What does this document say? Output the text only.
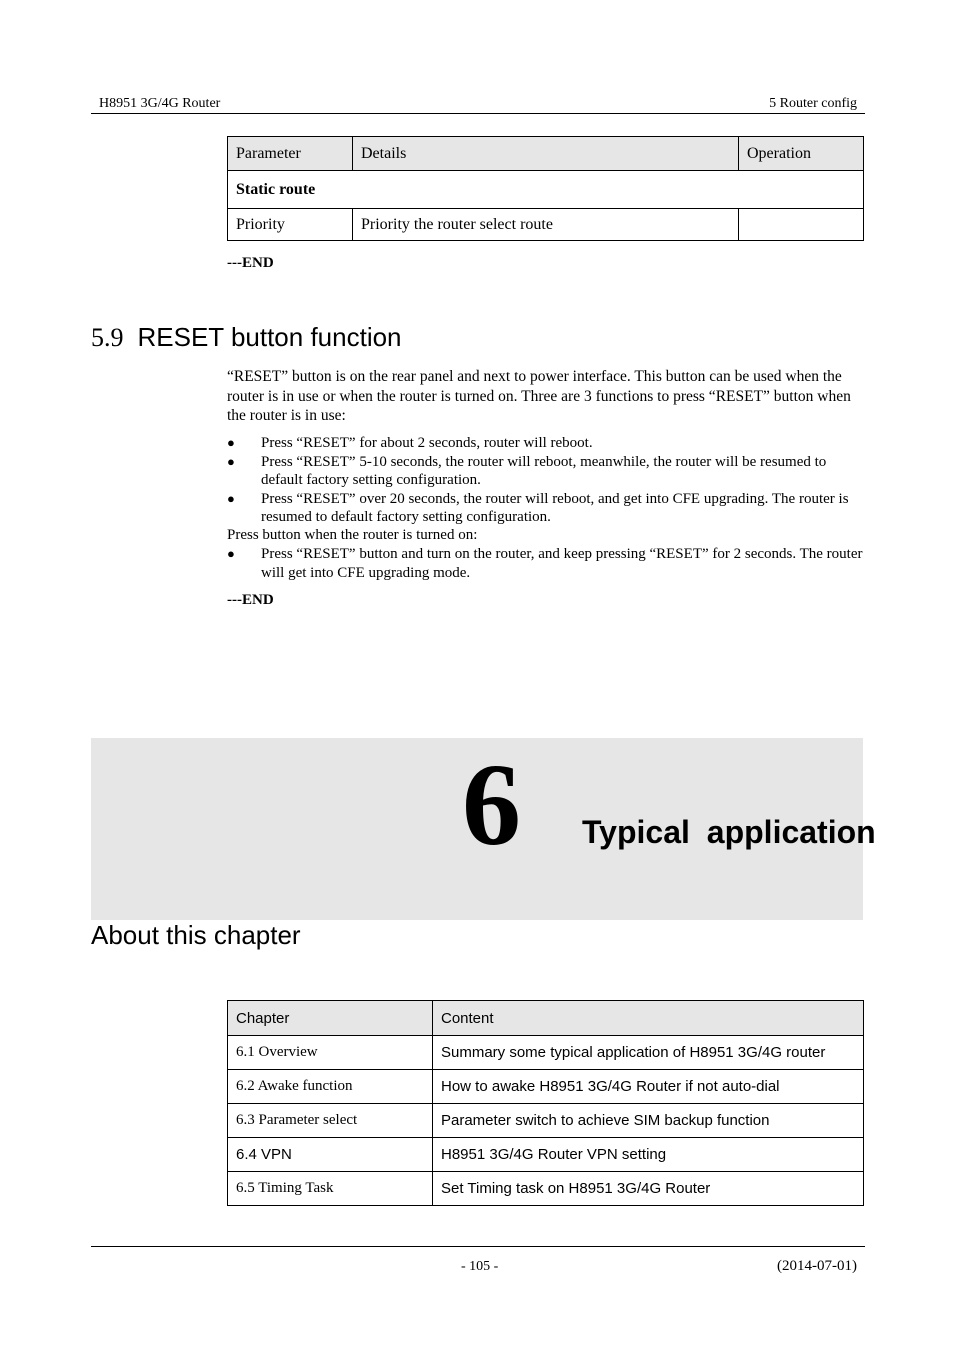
H8951 3G/4G Router	5 Router config
Parameter	Details	Operation
Static route		
Priority	Priority the router select route	
---END
5.9 RESET button function
“RESET” button is on the rear panel and next to power interface. This button can be used when the router is in use or when the router is turned on. Three are 3 functions to press “RESET” button when the router is in use:
● Press “RESET” for about 2 seconds, router will reboot.
● Press “RESET” 5-10 seconds, the router will reboot, meanwhile, the router will be resumed to default factory setting configuration.
● Press “RESET” over 20 seconds, the router will reboot, and get into CFE upgrading. The router is resumed to default factory setting configuration.
Press button when the router is turned on:
● Press “RESET” button and turn on the router, and keep pressing “RESET” for 2 seconds. The router will get into CFE upgrading mode.
---END
6 Typical application
About this chapter
Chapter	Content
6.1 Overview	Summary some typical application of H8951 3G/4G router
6.2 Awake function	How to awake H8951 3G/4G Router if not auto-dial
6.3 Parameter select	Parameter switch to achieve SIM backup function
6.4 VPN	H8951 3G/4G Router VPN setting
6.5 Timing Task	Set Timing task on H8951 3G/4G Router
- 105 -	(2014-07-01)
